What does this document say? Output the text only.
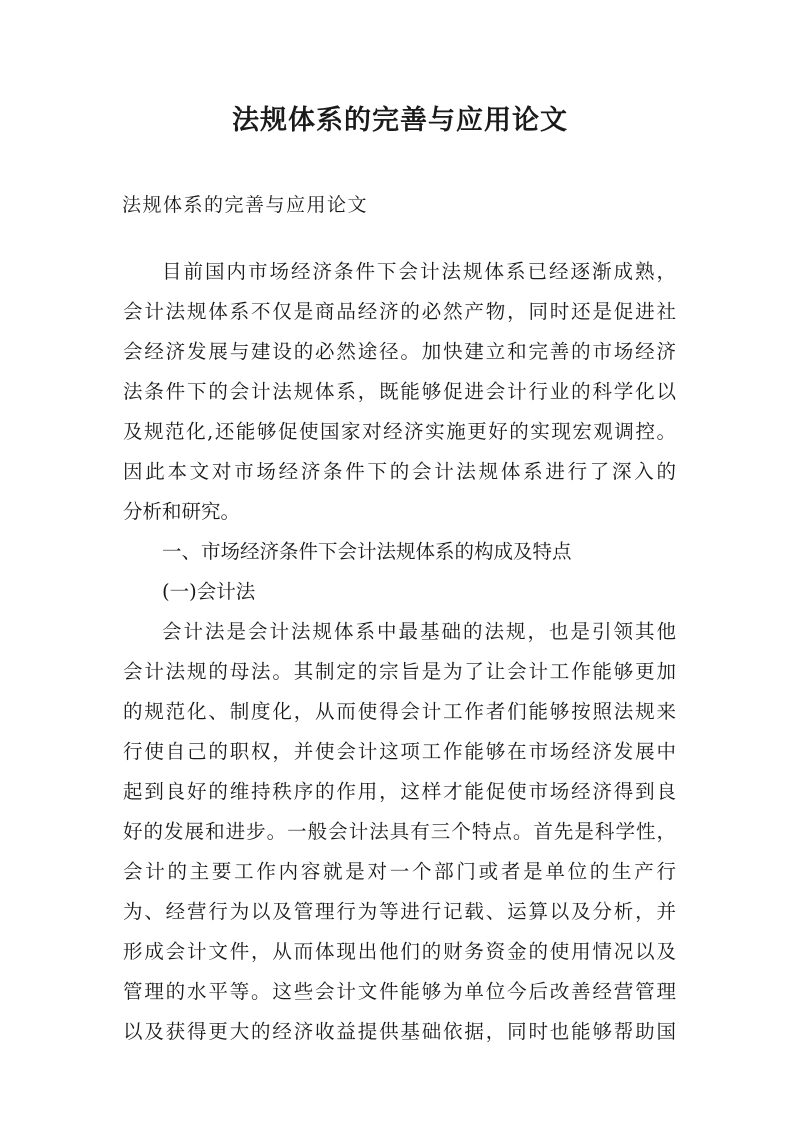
法规体系的完善与应用论文
法规体系的完善与应用论文
目前国内市场经济条件下会计法规体系已经逐渐成熟，
会计法规体系不仅是商品经济的必然产物，同时还是促进社
会经济发展与建设的必然途径。加快建立和完善的市场经济
法条件下的会计法规体系，既能够促进会计行业的科学化以
及规范化,还能够促使国家对经济实施更好的实现宏观调控。
因此本文对市场经济条件下的会计法规体系进行了深入的
分析和研究。
一、市场经济条件下会计法规体系的构成及特点
(一)会计法
会计法是会计法规体系中最基础的法规，也是引领其他
会计法规的母法。其制定的宗旨是为了让会计工作能够更加
的规范化、制度化，从而使得会计工作者们能够按照法规来
行使自己的职权，并使会计这项工作能够在市场经济发展中
起到良好的维持秩序的作用，这样才能促使市场经济得到良
好的发展和进步。一般会计法具有三个特点。首先是科学性，
会计的主要工作内容就是对一个部门或者是单位的生产行
为、经营行为以及管理行为等进行记载、运算以及分析，并
形成会计文件，从而体现出他们的财务资金的使用情况以及
管理的水平等。这些会计文件能够为单位今后改善经营管理
以及获得更大的经济收益提供基础依据，同时也能够帮助国
